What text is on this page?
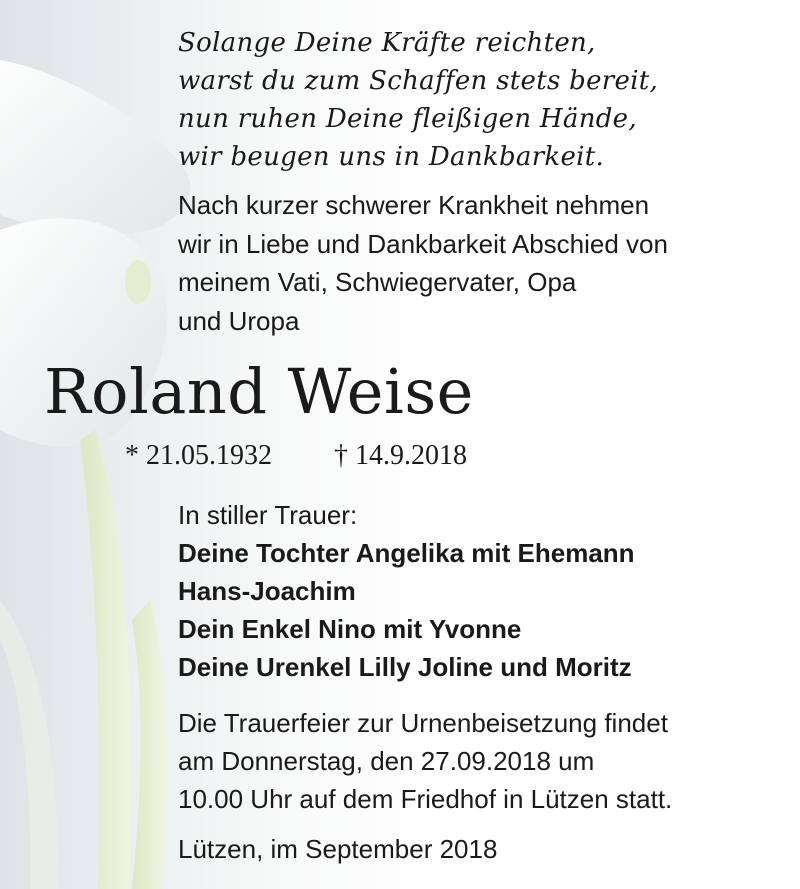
Solange Deine Kräfte reichten,
warst du zum Schaffen stets bereit,
nun ruhen Deine fleißigen Hände,
wir beugen uns in Dankbarkeit.
Nach kurzer schwerer Krankheit nehmen
wir in Liebe und Dankbarkeit Abschied von
meinem Vati, Schwiegervater, Opa
und Uropa
Roland Weise
* 21.05.1932 † 14.9.2018
In stiller Trauer:
Deine Tochter Angelika mit Ehemann
Hans-Joachim
Dein Enkel Nino mit Yvonne
Deine Urenkel Lilly Joline und Moritz
Die Trauerfeier zur Urnenbeisetzung findet
am Donnerstag, den 27.09.2018 um
10.00 Uhr auf dem Friedhof in Lützen statt.
Lützen, im September 2018
